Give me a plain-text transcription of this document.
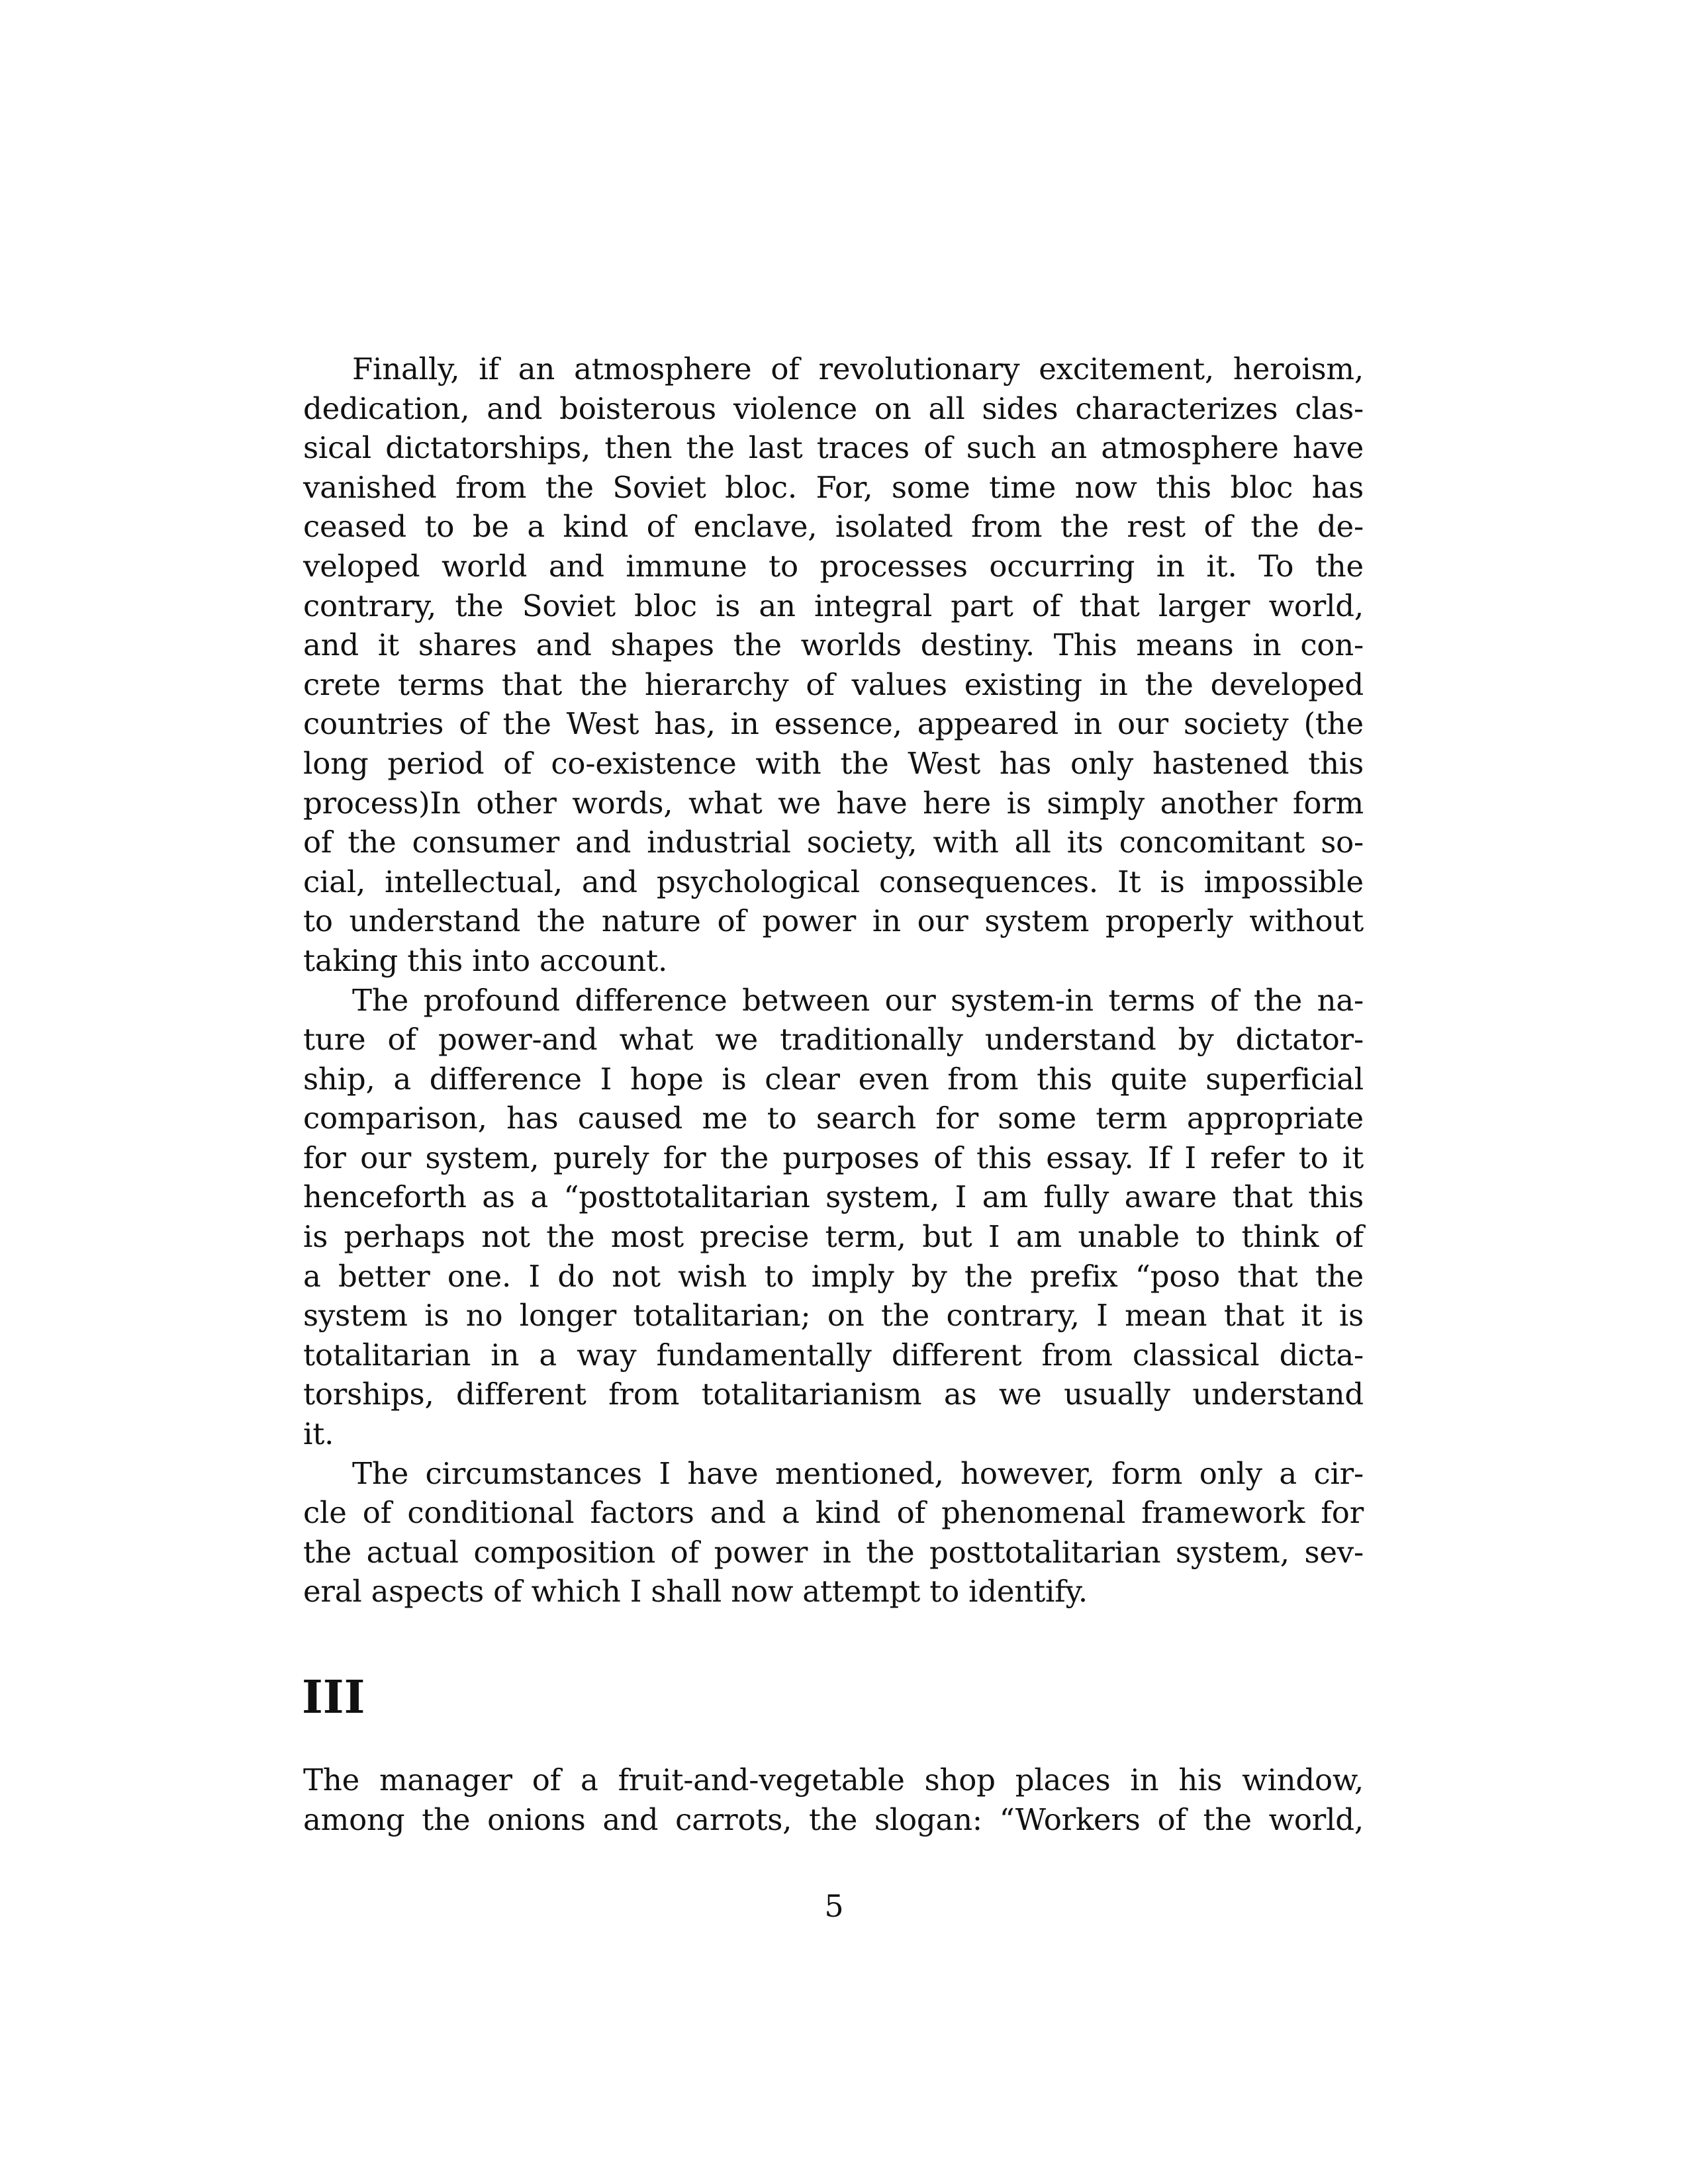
Finally, if an atmosphere of revolutionary excitement, heroism,
dedication, and boisterous violence on all sides characterizes clas-
sical dictatorships, then the last traces of such an atmosphere have
vanished from the Soviet bloc. For, some time now this bloc has
ceased to be a kind of enclave, isolated from the rest of the de-
veloped world and immune to processes occurring in it. To the
contrary, the Soviet bloc is an integral part of that larger world,
and it shares and shapes the worlds destiny. This means in con-
crete terms that the hierarchy of values existing in the developed
countries of the West has, in essence, appeared in our society (the
long period of co-existence with the West has only hastened this
process)In other words, what we have here is simply another form
of the consumer and industrial society, with all its concomitant so-
cial, intellectual, and psychological consequences. It is impossible
to understand the nature of power in our system properly without
taking this into account.
The profound difference between our system-in terms of the na-
ture of power-and what we traditionally understand by dictator-
ship, a difference I hope is clear even from this quite superficial
comparison, has caused me to search for some term appropriate
for our system, purely for the purposes of this essay. If I refer to it
henceforth as a “posttotalitarian system, I am fully aware that this
is perhaps not the most precise term, but I am unable to think of
a better one. I do not wish to imply by the prefix “poso that the
system is no longer totalitarian; on the contrary, I mean that it is
totalitarian in a way fundamentally different from classical dicta-
torships, different from totalitarianism as we usually understand
it.
The circumstances I have mentioned, however, form only a cir-
cle of conditional factors and a kind of phenomenal framework for
the actual composition of power in the posttotalitarian system, sev-
eral aspects of which I shall now attempt to identify.
III
The manager of a fruit-and-vegetable shop places in his window,
among the onions and carrots, the slogan: “Workers of the world,
5
